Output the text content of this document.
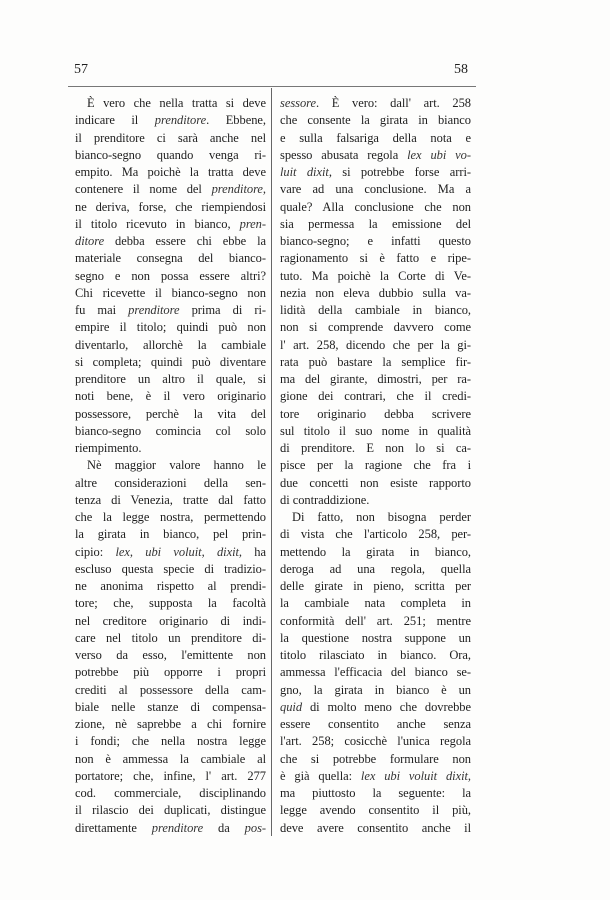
57	58
È vero che nella tratta si deve
indicare il prenditore. Ebbene,
il prenditore ci sarà anche nel
bianco-segno quando venga ri-
empito. Ma poichè la tratta deve
contenere il nome del prenditore,
ne deriva, forse, che riempiendosi
il titolo ricevuto in bianco, pren-
ditore debba essere chi ebbe la
materiale consegna del bianco-
segno e non possa essere altri?
Chi ricevette il bianco-segno non
fu mai prenditore prima di ri-
empire il titolo; quindi può non
diventarlo, allorchè la cambiale
si completa; quindi può diventare
prenditore un altro il quale, si
noti bene, è il vero originario
possessore, perchè la vita del
bianco-segno comincia col solo
riempimento.
Nè maggior valore hanno le
altre considerazioni della sen-
tenza di Venezia, tratte dal fatto
che la legge nostra, permettendo
la girata in bianco, pel prin-
cipio: lex, ubi voluit, dixit, ha
escluso questa specie di tradizio-
ne anonima rispetto al prendi-
tore; che, supposta la facoltà
nel creditore originario di indi-
care nel titolo un prenditore di-
verso da esso, l'emittente non
potrebbe più opporre i propri
crediti al possessore della cam-
biale nelle stanze di compensa-
zione, nè saprebbe a chi fornire
i fondi; che nella nostra legge
non è ammessa la cambiale al
portatore; che, infine, l' art. 277
cod. commerciale, disciplinando
il rilascio dei duplicati, distingue
direttamente prenditore da pos-
sessore. È vero: dall' art. 258
che consente la girata in bianco
e sulla falsariga della nota e
spesso abusata regola lex ubi vo-
luit dixit, si potrebbe forse arri-
vare ad una conclusione. Ma a
quale? Alla conclusione che non
sia permessa la emissione del
bianco-segno; e infatti questo
ragionamento si è fatto e ripe-
tuto. Ma poichè la Corte di Ve-
nezia non eleva dubbio sulla va-
lidità della cambiale in bianco,
non si comprende davvero come
l' art. 258, dicendo che per la gi-
rata può bastare la semplice fir-
ma del girante, dimostri, per ra-
gione dei contrari, che il credi-
tore originario debba scrivere
sul titolo il suo nome in qualità
di prenditore. E non lo si ca-
pisce per la ragione che fra i
due concetti non esiste rapporto
di contraddizione.
Di fatto, non bisogna perder
di vista che l'articolo 258, per-
mettendo la girata in bianco,
deroga ad una regola, quella
delle girate in pieno, scritta per
la cambiale nata completa in
conformità dell' art. 251; mentre
la questione nostra suppone un
titolo rilasciato in bianco. Ora,
ammessa l'efficacia del bianco se-
gno, la girata in bianco è un
quid di molto meno che dovrebbe
essere consentito anche senza
l'art. 258; cosicchè l'unica regola
che si potrebbe formulare non
è già quella: lex ubi voluit dixit,
ma piuttosto la seguente: la
legge avendo consentito il più,
deve avere consentito anche il
